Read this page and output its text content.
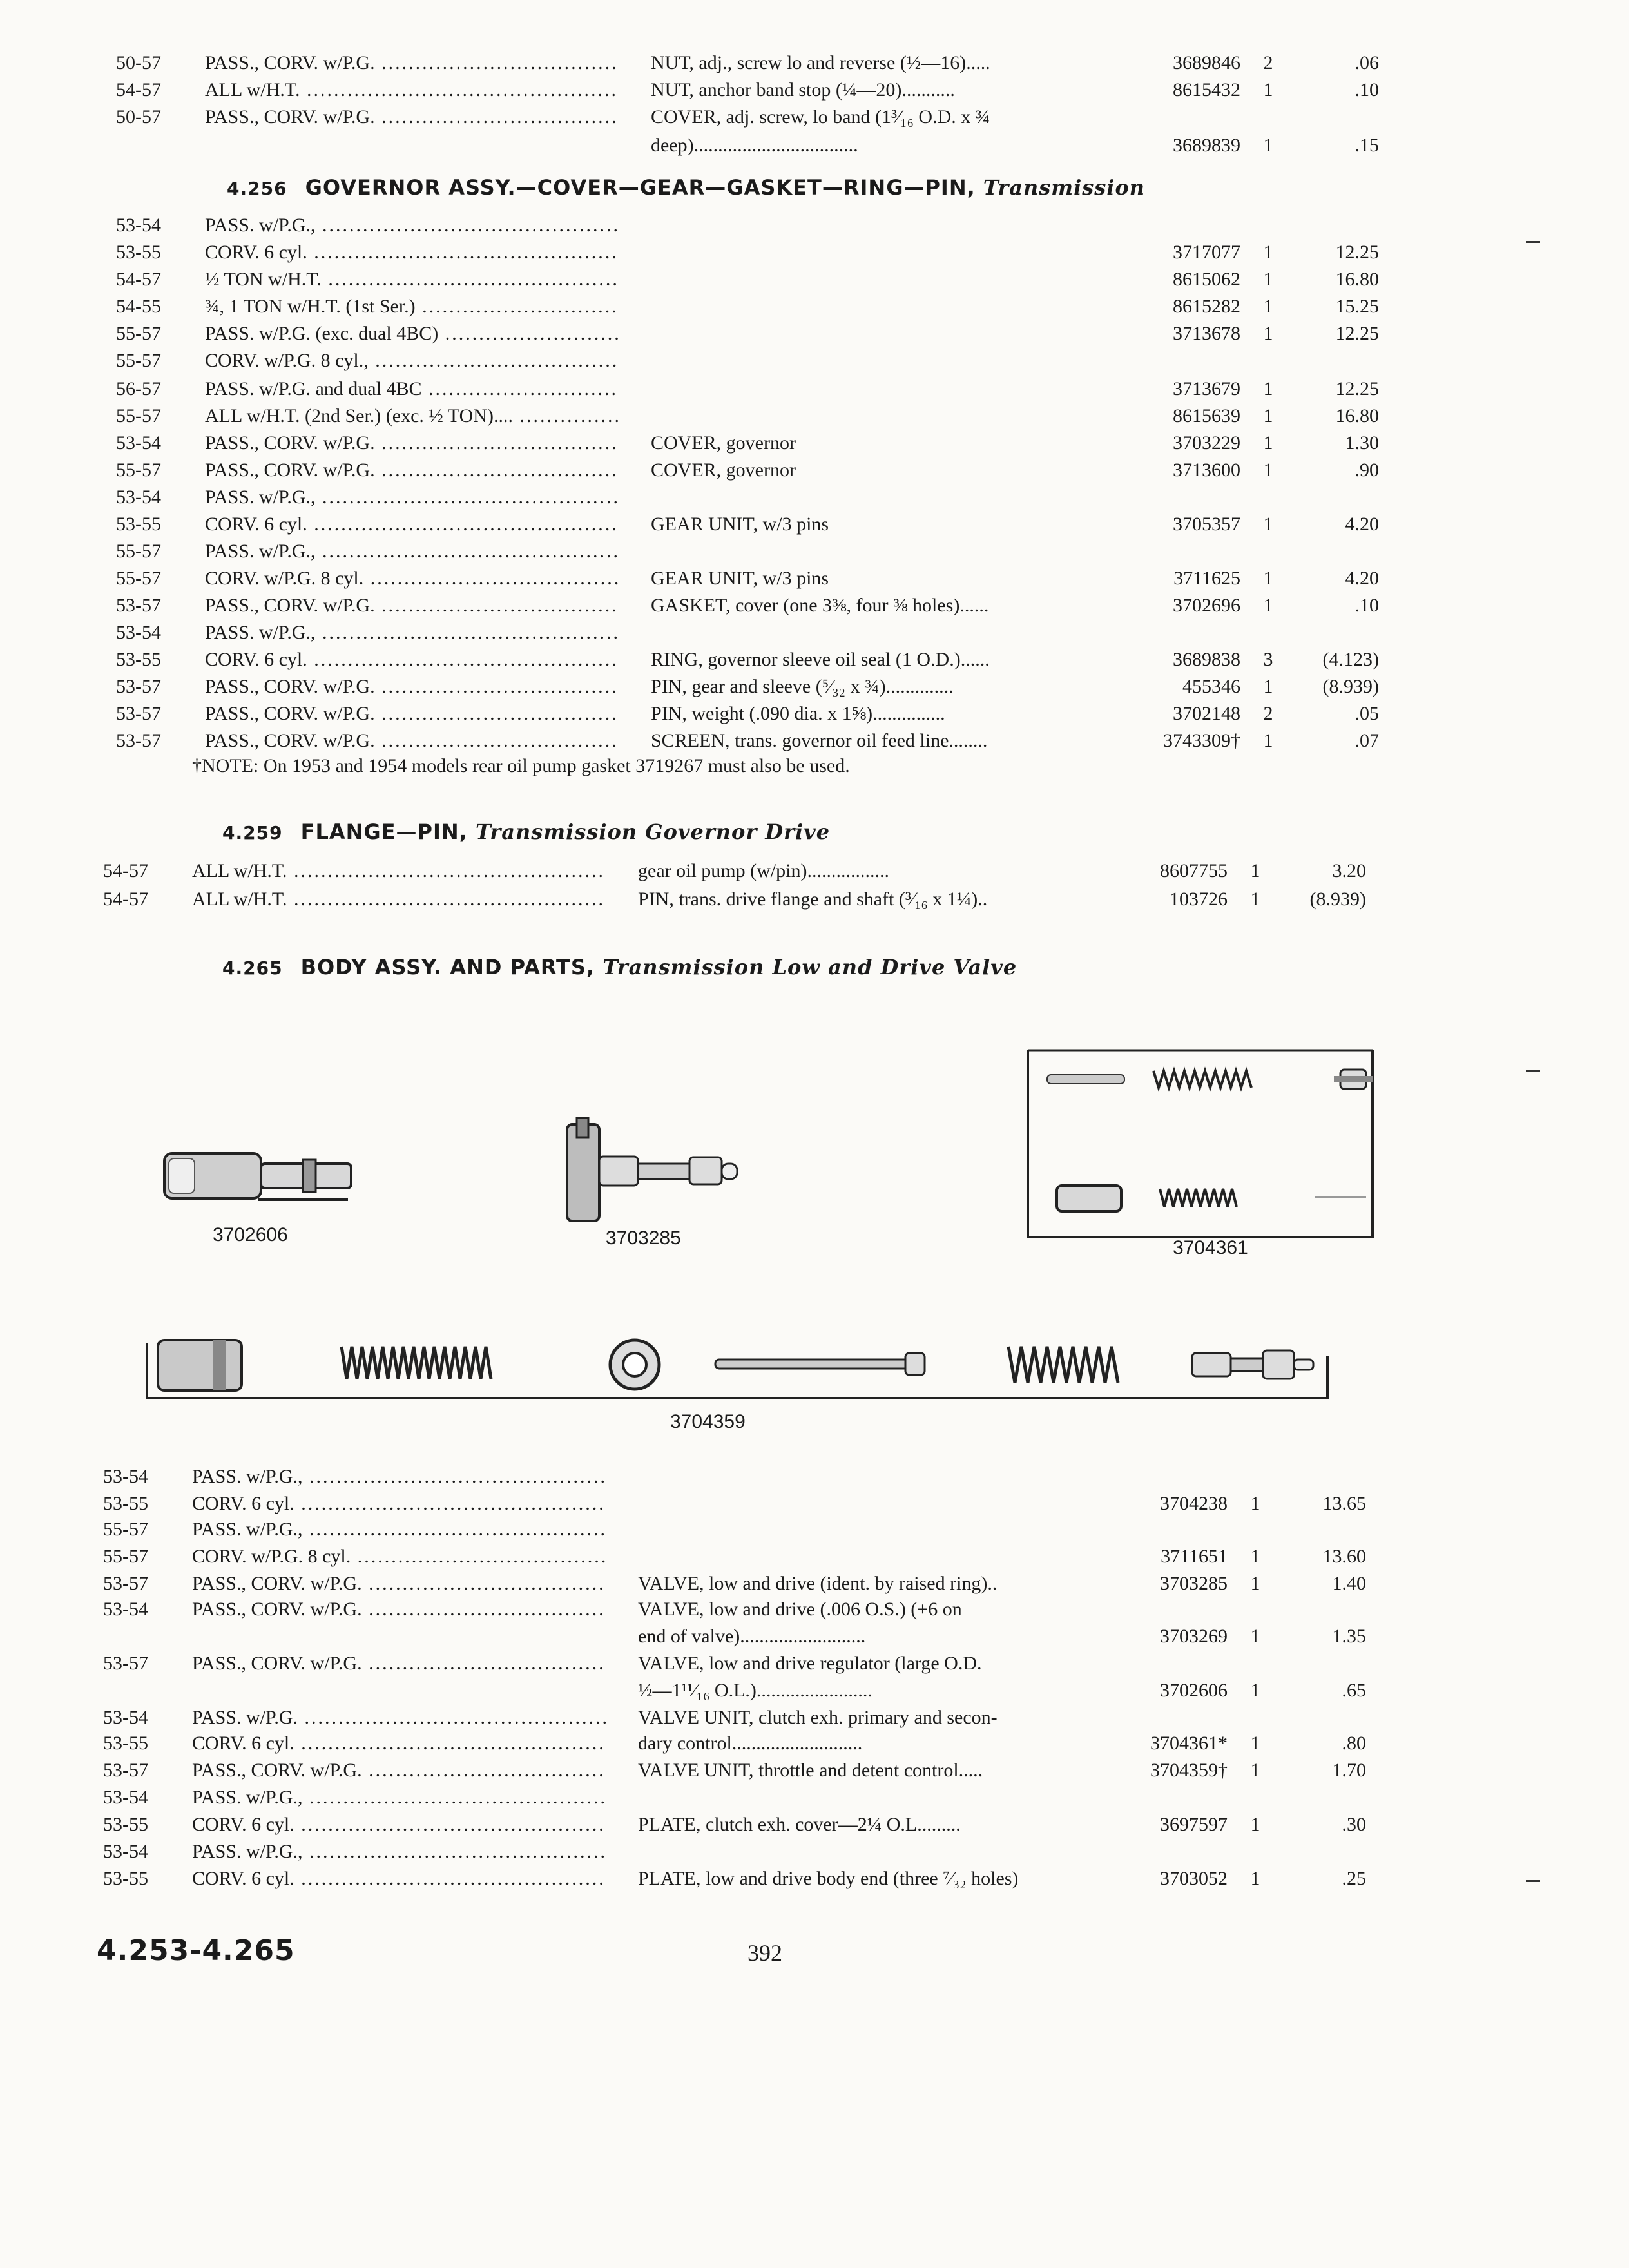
50-57	PASS., CORV. w/P.G. .....	NUT, adj., screw lo and reverse (½—16).....	3689846	2	.06
54-57	ALL w/H.T. .....	NUT, anchor band stop (¼—20)...........	8615432	1	.10
50-57	PASS., CORV. w/P.G. .....	COVER, adj. screw, lo band (1³⁄₁₆ O.D. x ¾
deep)..................................	3689839	1	.15
4.256 GOVERNOR ASSY.—COVER—GEAR—GASKET—RING—PIN, Transmission
53-54	PASS. w/P.G., .....
53-55	CORV. 6 cyl. .....	3717077	1	12.25
54-57	½ TON w/H.T. .....	8615062	1	16.80
54-55	¾, 1 TON w/H.T. (1st Ser.) .....	8615282	1	15.25
55-57	PASS. w/P.G. (exc. dual 4BC) .....	3713678	1	12.25
55-57	CORV. w/P.G. 8 cyl., .....
56-57	PASS. w/P.G. and dual 4BC .....	3713679	1	12.25
55-57	ALL w/H.T. (2nd Ser.) (exc. ½ TON).... .....	8615639	1	16.80
53-54	PASS., CORV. w/P.G. .....	COVER, governor	3703229	1	1.30
55-57	PASS., CORV. w/P.G. .....	COVER, governor	3713600	1	.90
53-54	PASS. w/P.G., .....
53-55	CORV. 6 cyl. .....	GEAR UNIT, w/3 pins	3705357	1	4.20
55-57	PASS. w/P.G., .....
55-57	CORV. w/P.G. 8 cyl. .....	GEAR UNIT, w/3 pins	3711625	1	4.20
53-57	PASS., CORV. w/P.G. .....	GASKET, cover (one 3⅜, four ⅜ holes)......	3702696	1	.10
53-54	PASS. w/P.G., .....
53-55	CORV. 6 cyl. .....	RING, governor sleeve oil seal (1 O.D.)......	3689838	3	(4.123)
53-57	PASS., CORV. w/P.G. .....	PIN, gear and sleeve (⁵⁄₃₂ x ¾)..............	455346	1	(8.939)
53-57	PASS., CORV. w/P.G. .....	PIN, weight (.090 dia. x 1⅝)...............	3702148	2	.05
53-57	PASS., CORV. w/P.G. .....	SCREEN, trans. governor oil feed line........	3743309†	1	.07
†NOTE: On 1953 and 1954 models rear oil pump gasket 3719267 must also be used.
4.259 FLANGE—PIN, Transmission Governor Drive
54-57	ALL w/H.T. .....	gear oil pump (w/pin).................	8607755	1	3.20
54-57	ALL w/H.T. .....	PIN, trans. drive flange and shaft (³⁄₁₆ x 1¼)..	103726	1	(8.939)
4.265 BODY ASSY. AND PARTS, Transmission Low and Drive Valve
3702606	3703285	3704361
3704359
53-54	PASS. w/P.G., .....
53-55	CORV. 6 cyl. .....	3704238	1	13.65
55-57	PASS. w/P.G., .....
55-57	CORV. w/P.G. 8 cyl. .....	3711651	1	13.60
53-57	PASS., CORV. w/P.G. .....	VALVE, low and drive (ident. by raised ring)..	3703285	1	1.40
53-54	PASS., CORV. w/P.G. .....	VALVE, low and drive (.006 O.S.) (+6 on
end of valve)..........................	3703269	1	1.35
53-57	PASS., CORV. w/P.G. .....	VALVE, low and drive regulator (large O.D.
½—1¹¹⁄₁₆ O.L.)........................	3702606	1	.65
53-54	PASS. w/P.G. .....	VALVE UNIT, clutch exh. primary and secon-
53-55	CORV. 6 cyl. .....	dary control...........................	3704361*	1	.80
53-57	PASS., CORV. w/P.G. .....	VALVE UNIT, throttle and detent control.....	3704359†	1	1.70
53-54	PASS. w/P.G., .....
53-55	CORV. 6 cyl. .....	PLATE, clutch exh. cover—2¼ O.L.........	3697597	1	.30
53-54	PASS. w/P.G., .....
53-55	CORV. 6 cyl. .....	PLATE, low and drive body end (three ⁷⁄₃₂ holes)	3703052	1	.25
4.253-4.265	392
